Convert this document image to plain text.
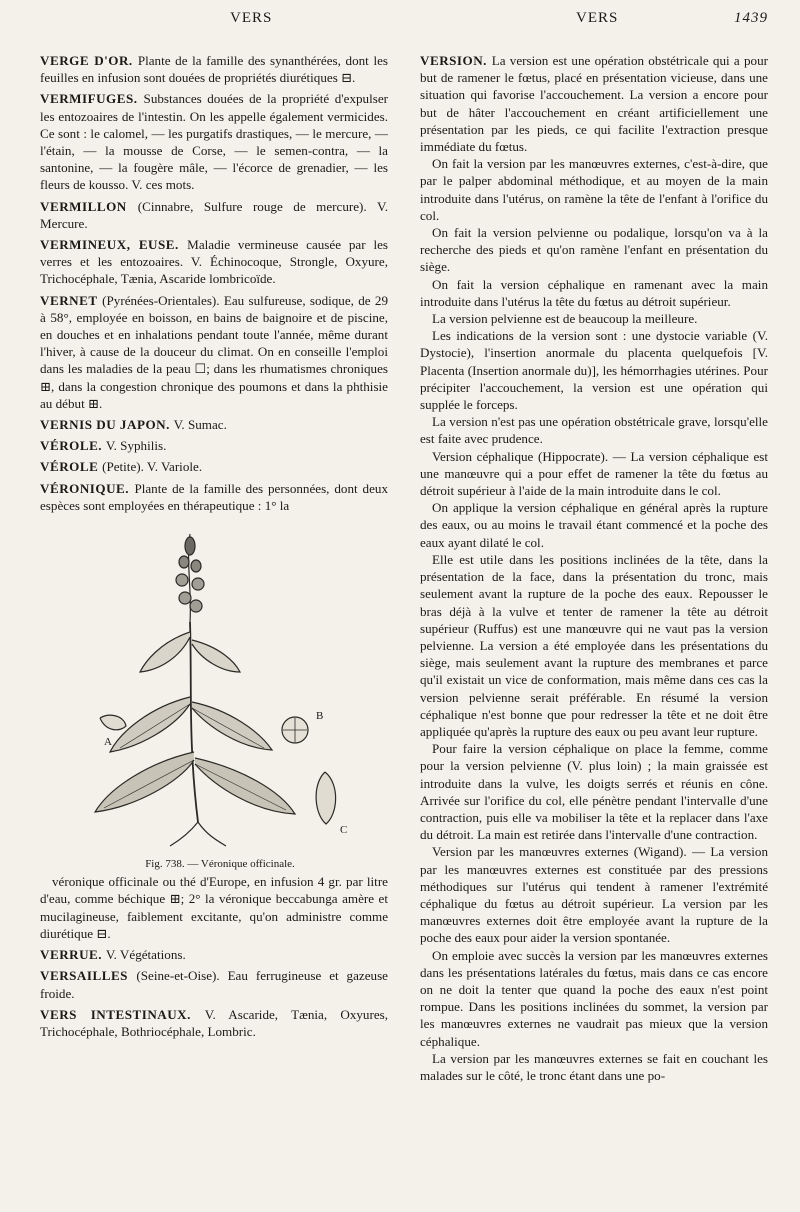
VERS	VERS	1439

VERGE D'OR. Plante de la famille des synanthérées, dont les feuilles en infusion sont douées de propriétés diurétiques ⊟.

VERMIFUGES. Substances douées de la propriété d'expulser les entozoaires de l'intestin. On les appelle également vermicides. Ce sont : le calomel, — les purgatifs drastiques, — le mercure, — l'étain, — la mousse de Corse, — le semen-contra, — la santonine, — la fougère mâle, — l'écorce de grenadier, — les fleurs de kousso. V. ces mots.

VERMILLON (Cinnabre, Sulfure rouge de mercure). V. Mercure.

VERMINEUX, EUSE. Maladie vermineuse causée par les verres et les entozoaires. V. Échinocoque, Strongle, Oxyure, Trichocéphale, Tænia, Ascaride lombricoïde.

VERNET (Pyrénées-Orientales). Eau sulfureuse, sodique, de 29 à 58°, employée en boisson, en bains de baignoire et de piscine, en douches et en inhalations pendant toute l'année, même durant l'hiver, à cause de la douceur du climat. On en conseille l'emploi dans les maladies de la peau ☐; dans les rhumatismes chroniques ⊞, dans la congestion chronique des poumons et dans la phthisie au début ⊞.

VERNIS DU JAPON. V. Sumac.

VÉROLE. V. Syphilis.

VÉROLE (Petite). V. Variole.

VÉRONIQUE. Plante de la famille des personnées, dont deux espèces sont employées en thérapeutique : 1° la

A
B
C

Fig. 738. — Véronique officinale.

véronique officinale ou thé d'Europe, en infusion 4 gr. par litre d'eau, comme béchique ⊞; 2° la véronique beccabunga amère et mucilagineuse, faiblement excitante, qu'on administre comme diurétique ⊟.

VERRUE. V. Végétations.

VERSAILLES (Seine-et-Oise). Eau ferrugineuse et gazeuse froide.

VERS INTESTINAUX. V. Ascaride, Tænia, Oxyures, Trichocéphale, Bothriocéphale, Lombric.

VERSION. La version est une opération obstétricale qui a pour but de ramener le fœtus, placé en présentation vicieuse, dans une situation qui favorise l'accouchement. La version a encore pour but de hâter l'accouchement en créant artificiellement une présentation par les pieds, ce qui facilite l'extraction presque immédiate du fœtus.

On fait la version par les manœuvres externes, c'est-à-dire, que par le palper abdominal méthodique, et au moyen de la main introduite dans l'utérus, on ramène la tête de l'enfant à l'orifice du col.

On fait la version pelvienne ou podalique, lorsqu'on va à la recherche des pieds et qu'on ramène l'enfant en présentation du siège.

On fait la version céphalique en ramenant avec la main introduite dans l'utérus la tête du fœtus au détroit supérieur.

La version pelvienne est de beaucoup la meilleure.

Les indications de la version sont : une dystocie variable (V. Dystocie), l'insertion anormale du placenta quelquefois [V. Placenta (Insertion anormale du)], les hémorrhagies utérines. Pour précipiter l'accouchement, la version est une opération qui supplée le forceps.

La version n'est pas une opération obstétricale grave, lorsqu'elle est faite avec prudence.

Version céphalique (Hippocrate). — La version céphalique est une manœuvre qui a pour effet de ramener la tête du fœtus au détroit supérieur à l'aide de la main introduite dans le col.

On applique la version céphalique en général après la rupture des eaux, ou au moins le travail étant commencé et la poche des eaux ayant dilaté le col.

Elle est utile dans les positions inclinées de la tête, dans la présentation de la face, dans la présentation du tronc, mais seulement avant la rupture de la poche des eaux. Repousser le bras déjà à la vulve et tenter de ramener la tête au détroit supérieur (Ruffus) est une manœuvre qui ne vaut pas la version pelvienne. La version a été employée dans les présentations du siège, mais seulement avant la rupture des membranes et parce qu'il existait un vice de conformation, mais même dans ces cas la version pelvienne serait préférable. En résumé la version céphalique n'est bonne que pour redresser la tête et ne doit être appliquée qu'après la rupture des eaux ou peu avant leur rupture.

Pour faire la version céphalique on place la femme, comme pour la version pelvienne (V. plus loin) ; la main graissée est introduite dans la vulve, les doigts serrés et réunis en cône. Arrivée sur l'orifice du col, elle pénètre pendant l'intervalle d'une contraction, puis elle va mobiliser la tête et la replacer dans l'axe du détroit. La main est retirée dans l'intervalle d'une contraction.

Version par les manœuvres externes (Wigand). — La version par les manœuvres externes est constituée par des pressions méthodiques sur l'utérus qui tendent à ramener l'extrémité céphalique du fœtus au détroit supérieur. La version par les manœuvres externes doit être employée avant la rupture de la poche des eaux pour aider la version spontanée.

On emploie avec succès la version par les manœuvres externes dans les présentations latérales du fœtus, mais dans ce cas encore on ne doit la tenter que quand la poche des eaux n'est point rompue. Dans les positions inclinées du sommet, la version par les manœuvres externes ne vaudrait pas mieux que la version céphalique.

La version par les manœuvres externes se fait en couchant les malades sur le côté, le tronc étant dans une po-
